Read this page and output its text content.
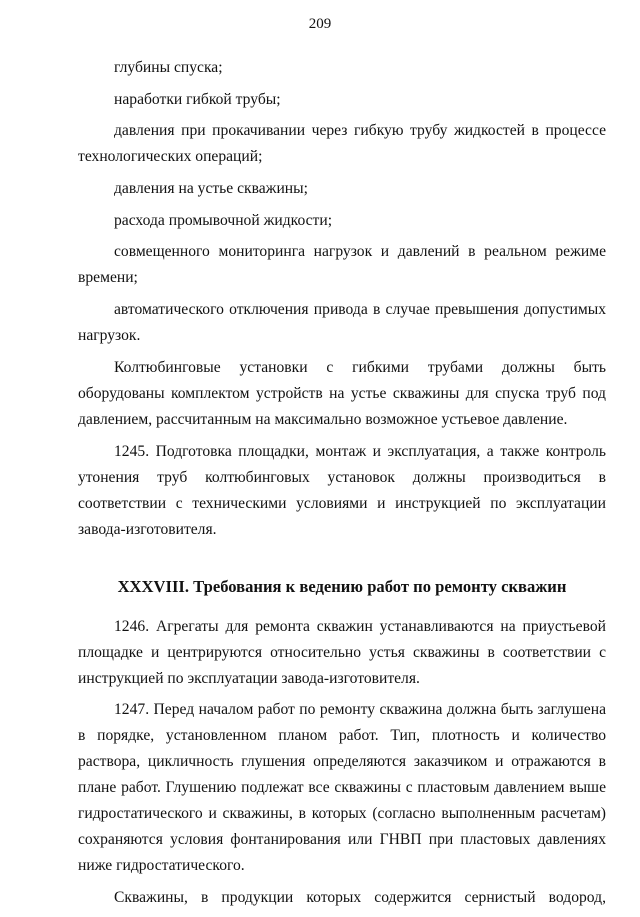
209

глубины спуска;

наработки гибкой трубы;

давления при прокачивании через гибкую трубу жидкостей в процессе технологических операций;

давления на устье скважины;

расхода промывочной жидкости;

совмещенного мониторинга нагрузок и давлений в реальном режиме времени;

автоматического отключения привода в случае превышения допустимых нагрузок.

Колтюбинговые установки с гибкими трубами должны быть оборудованы комплектом устройств на устье скважины для спуска труб под давлением, рассчитанным на максимально возможное устьевое давление.

1245. Подготовка площадки, монтаж и эксплуатация, а также контроль утонения труб колтюбинговых установок должны производиться в соответствии с техническими условиями и инструкцией по эксплуатации завода-изготовителя.

XXXVIII. Требования к ведению работ по ремонту скважин

1246. Агрегаты для ремонта скважин устанавливаются на приустьевой площадке и центрируются относительно устья скважины в соответствии с инструкцией по эксплуатации завода-изготовителя.

1247. Перед началом работ по ремонту скважина должна быть заглушена в порядке, установленном планом работ. Тип, плотность и количество раствора, цикличность глушения определяются заказчиком и отражаются в плане работ. Глушению подлежат все скважины с пластовым давлением выше гидростатического и скважины, в которых (согласно выполненным расчетам) сохраняются условия фонтанирования или ГНВП при пластовых давлениях ниже гидростатического.

Скважины, в продукции которых содержится сернистый водород,
